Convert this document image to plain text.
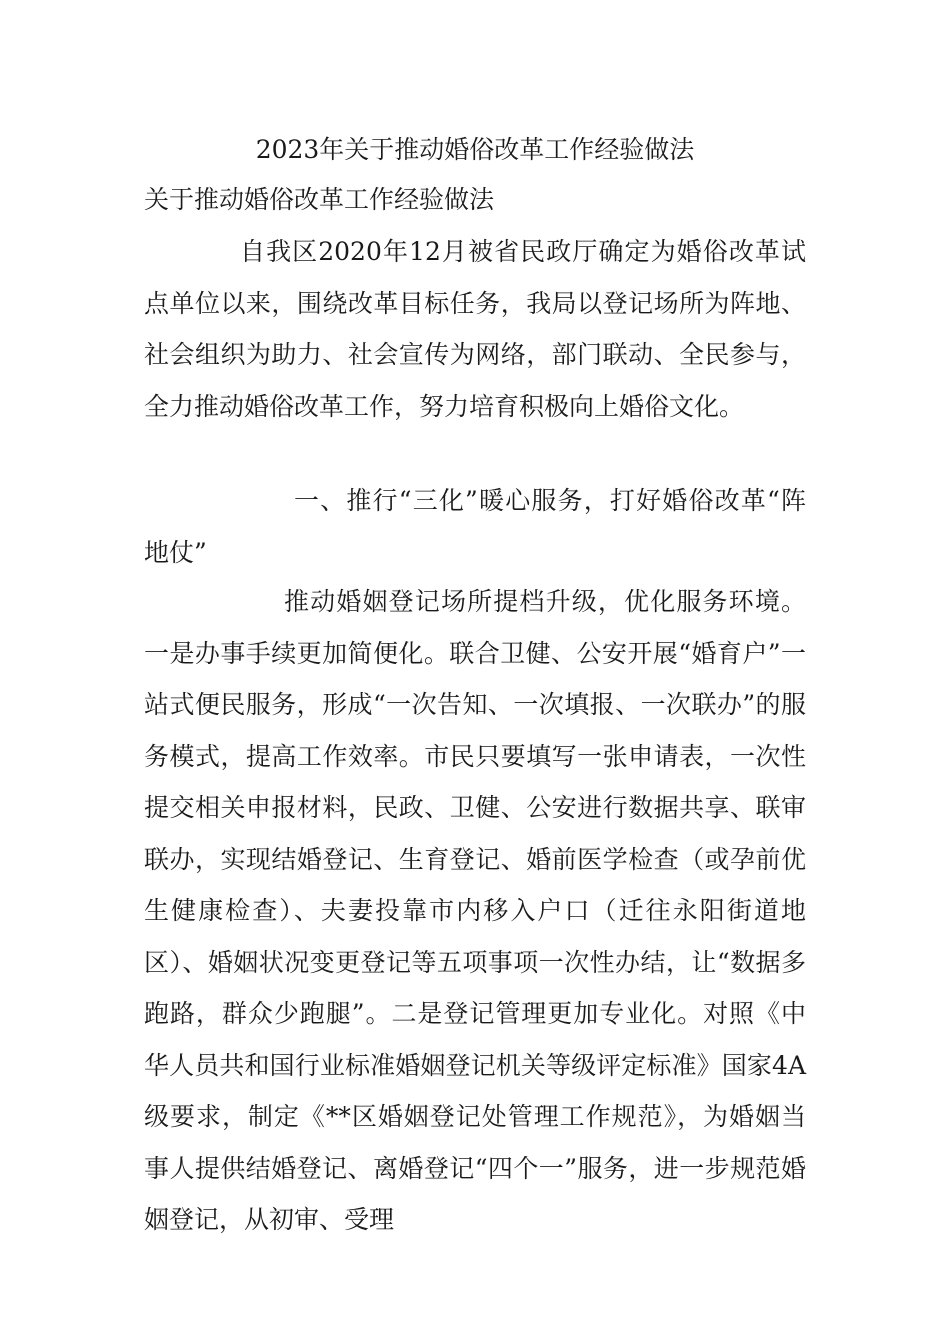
2023年关于推动婚俗改革工作经验做法
关于推动婚俗改革工作经验做法

自我区2020年12月被省民政厅确定为婚俗改革试点单位以来，围绕改革目标任务，我局以登记场所为阵地、社会组织为助力、社会宣传为网络，部门联动、全民参与，全力推动婚俗改革工作，努力培育积极向上婚俗文化。

一、推行“三化”暖心服务，打好婚俗改革“阵地仗”

推动婚姻登记场所提档升级，优化服务环境。一是办事手续更加简便化。联合卫健、公安开展“婚育户”一站式便民服务，形成“一次告知、一次填报、一次联办”的服务模式，提高工作效率。市民只要填写一张申请表，一次性提交相关申报材料，民政、卫健、公安进行数据共享、联审联办，实现结婚登记、生育登记、婚前医学检查（或孕前优生健康检查）、夫妻投靠市内移入户口（迁往永阳街道地区）、婚姻状况变更登记等五项事项一次性办结，让“数据多跑路，群众少跑腿”。二是登记管理更加专业化。对照《中华人员共和国行业标准婚姻登记机关等级评定标准》国家4A级要求，制定《**区婚姻登记处管理工作规范》，为婚姻当事人提供结婚登记、离婚登记“四个一”服务，进一步规范婚姻登记，从初审、受理
